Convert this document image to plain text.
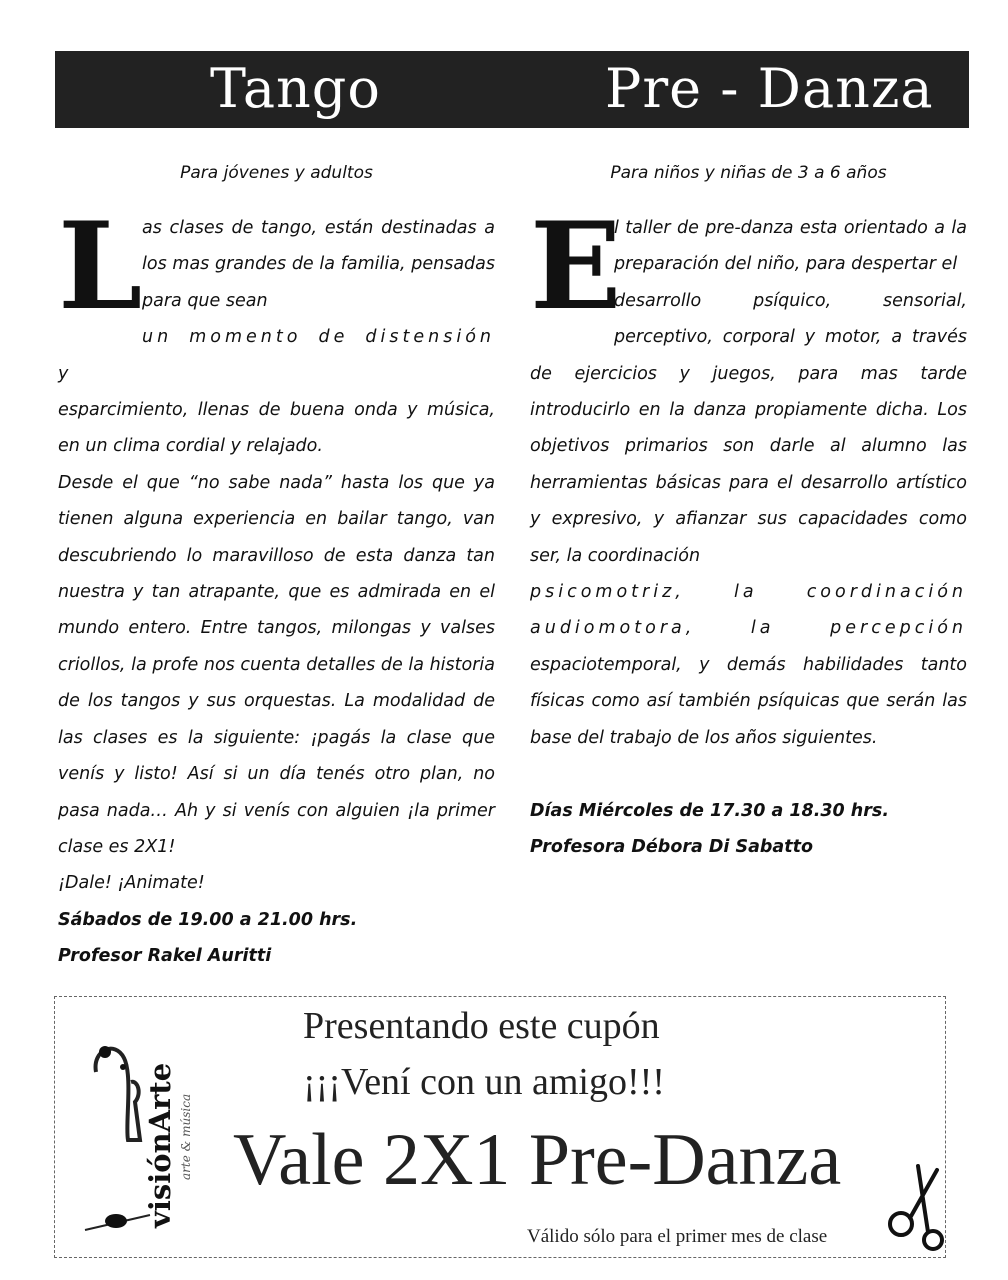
Tango	Pre - Danza
Para jóvenes y adultos
L as clases de tango, están destinadas a los mas grandes de la familia, pensadas para que sean

un momento de distensión y

esparcimiento, llenas de buena onda y música, en un clima cordial y relajado.

Desde el que “no sabe nada” hasta los que ya tienen alguna experiencia en bailar tango, van descubriendo lo maravilloso de esta danza tan nuestra y tan atrapante, que es admirada en el mundo entero. Entre tangos, milongas y valses criollos, la profe nos cuenta detalles de la historia de los tangos y sus orquestas. La modalidad de las clases es la siguiente: ¡pagás la clase que venís y listo! Así si un día tenés otro plan, no pasa nada… Ah y si venís con alguien ¡la primer clase es 2X1!

¡Dale! ¡Animate!

Sábados de 19.00 a 21.00 hrs.

Profesor Rakel Auritti

Para niños y niñas de 3 a 6 años
E

l taller de pre-danza esta orientado a la preparación del niño, para despertar el

desarrollo psíquico, sensorial, perceptivo, corporal y motor, a través de ejercicios y juegos, para mas tarde introducirlo en la danza propiamente dicha. Los objetivos primarios son darle al alumno las herramientas básicas para el desarrollo artístico y expresivo, y afianzar sus capacidades como ser, la coordinación

psicomotriz, la coordinación

audiomotora, la percepción

espaciotemporal, y demás habilidades tanto físicas como así también psíquicas que serán las base del trabajo de los años siguientes.

Días Miércoles de 17.30 a 18.30 hrs.

Profesora Débora Di Sabatto

visiónArte arte & música
Presentando este cupón
¡¡¡Vení con un amigo!!!
Vale 2X1 Pre-Danza
Válido sólo para el primer mes de clase
